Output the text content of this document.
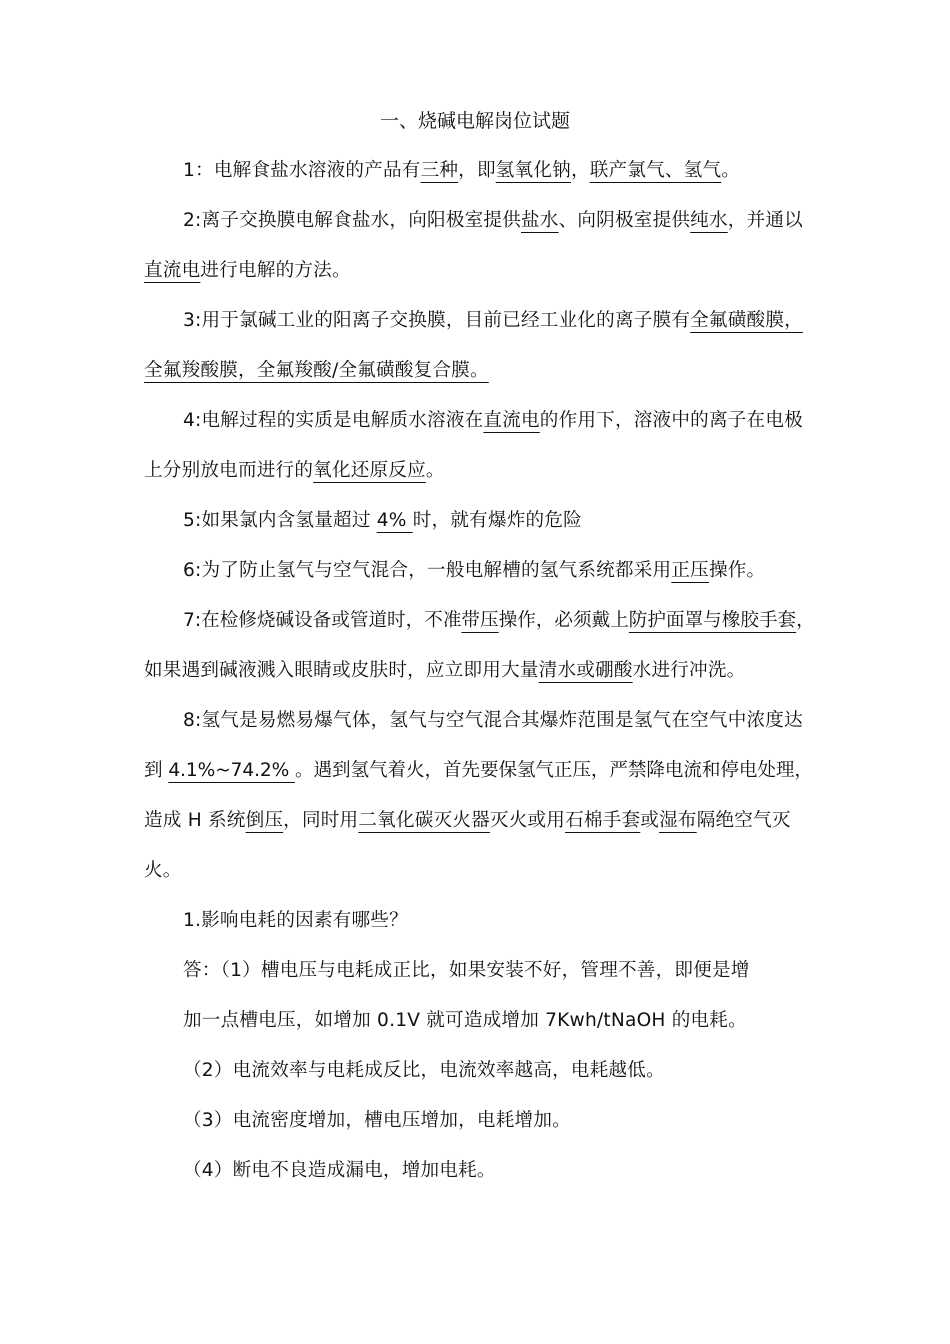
一、烧碱电解岗位试题
1：电解食盐水溶液的产品有三种，即氢氧化钠，联产氯气、氢气。
2:离子交换膜电解食盐水，向阳极室提供盐水、向阴极室提供纯水，并通以
直流电进行电解的方法。
3:用于氯碱工业的阳离子交换膜，目前已经工业化的离子膜有全氟磺酸膜，
全氟羧酸膜，全氟羧酸/全氟磺酸复合膜。
4:电解过程的实质是电解质水溶液在直流电的作用下，溶液中的离子在电极
上分别放电而进行的氧化还原反应。
5:如果氯内含氢量超过 4% 时，就有爆炸的危险
6:为了防止氢气与空气混合，一般电解槽的氢气系统都采用正压操作。
7:在检修烧碱设备或管道时，不准带压操作，必须戴上防护面罩与橡胶手套，
如果遇到碱液溅入眼睛或皮肤时，应立即用大量清水或硼酸水进行冲洗。
8:氢气是易燃易爆气体，氢气与空气混合其爆炸范围是氢气在空气中浓度达
到 4.1%~74.2% 。遇到氢气着火，首先要保氢气正压，严禁降电流和停电处理，
造成 H 系统倒压，同时用二氧化碳灭火器灭火或用石棉手套或湿布隔绝空气灭
火。
1.影响电耗的因素有哪些？
答：（1）槽电压与电耗成正比，如果安装不好，管理不善，即便是增
加一点槽电压，如增加 0.1V 就可造成增加 7Kwh/tNaOH 的电耗。
（2）电流效率与电耗成反比，电流效率越高，电耗越低。
（3）电流密度增加，槽电压增加，电耗增加。
（4）断电不良造成漏电，增加电耗。
